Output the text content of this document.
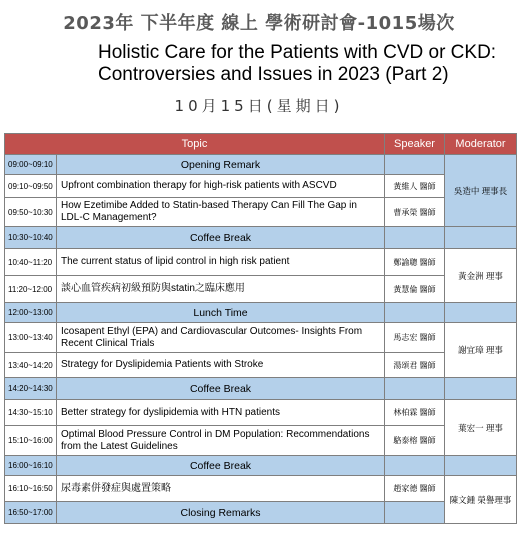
2023年 下半年度 線上 學術研討會-1015場次
Holistic Care for the Patients with CVD or CKD:
Controversies and Issues in 2023 (Part 2)
10月15日(星期日)
Topic		Speaker	Moderator
09:00~09:10	Opening Remark		吳造中 理事長
09:10~09:50	Upfront combination therapy for high-risk patients with ASCVD	黃維人 醫師	
09:50~10:30	How Ezetimibe Added to Statin-based Therapy Can Fill The Gap in LDL-C Management?	曹承榮 醫師	
10:30~10:40	Coffee Break		
10:40~11:20	The current status of lipid control in high risk patient	鄭諭聰 醫師	黃金洲 理事
11:20~12:00	談心血管疾病初級預防與statin之臨床應用	黃慧倫 醫師	
12:00~13:00	Lunch Time		
13:00~13:40	Icosapent Ethyl (EPA) and Cardiovascular Outcomes- Insights From Recent Clinical Trials	馬志宏 醫師	謝宜璋 理事
13:40~14:20	Strategy for Dyslipidemia Patients with Stroke	湯頌君 醫師	
14:20~14:30	Coffee Break		
14:30~15:10	Better strategy for dyslipidemia with HTN patients	林柏霖 醫師	葉宏一 理事
15:10~16:00	Optimal Blood Pressure Control in DM Population: Recommendations from the Latest Guidelines	駱泰榕 醫師	
16:00~16:10	Coffee Break		
16:10~16:50	尿毒素併發症與處置策略	趙家德 醫師	陳文鍾 榮譽理事
16:50~17:00	Closing Remarks		
